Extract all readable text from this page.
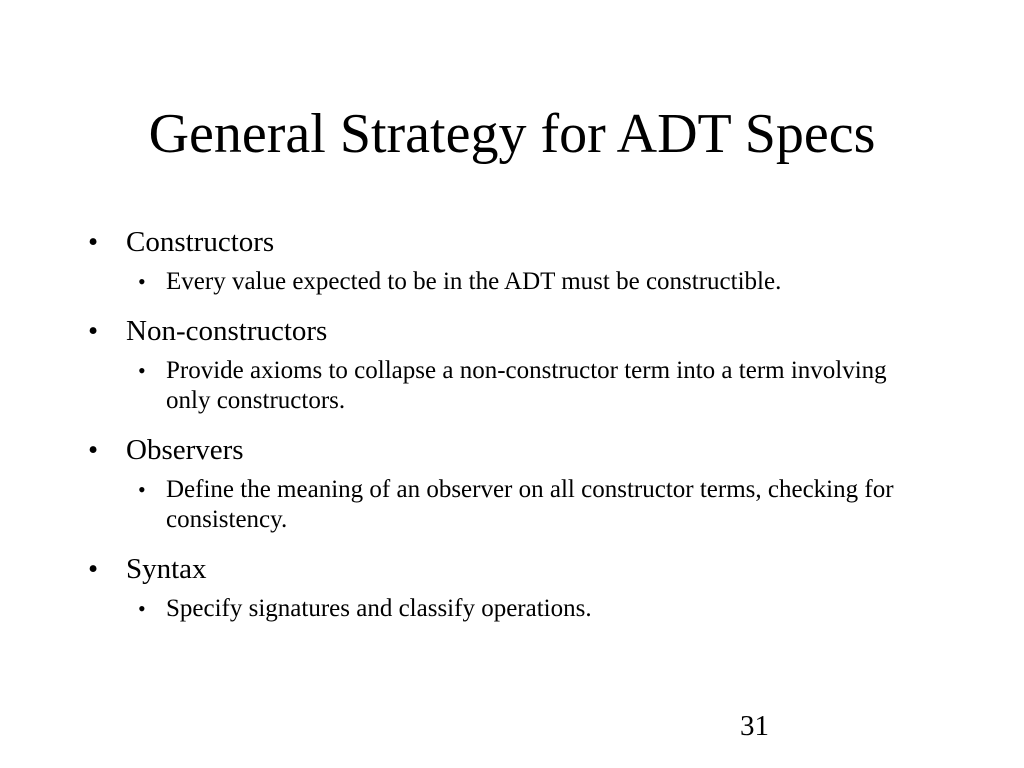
General Strategy for ADT Specs
• Constructors
• Every value expected to be in the ADT must be constructible.
• Non-constructors
• Provide axioms to collapse a non-constructor term into a term involving only constructors.
• Observers
• Define the meaning of an observer on all constructor terms, checking for consistency.
• Syntax
• Specify signatures and classify operations.
31
